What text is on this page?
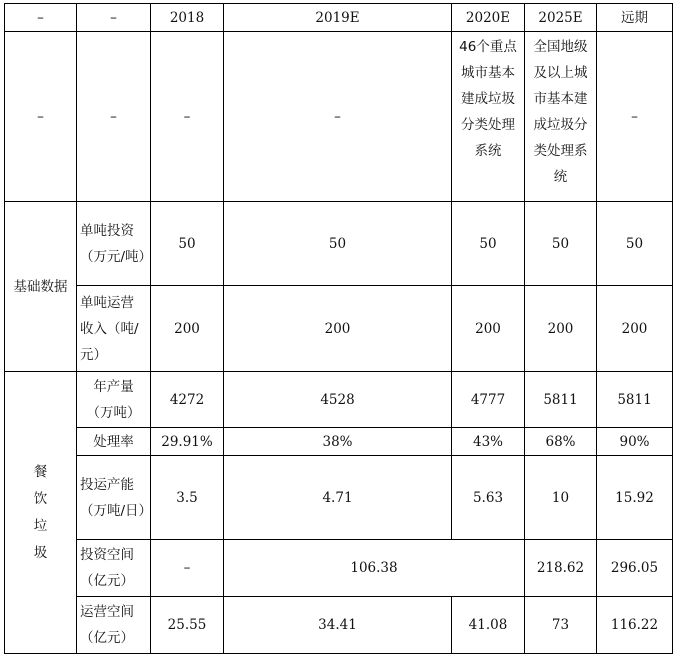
–	–	2018	2019E	2020E	2025E	远期
–	–	–	–	46个重点城市基本建成垃圾分类处理系统	全国地级及以上城市基本建成垃圾分类处理系统	–
基础数据	单吨投资（万元/吨）	50	50	50	50	50
	单吨运营收入（吨/元）	200	200	200	200	200
餐饮垃圾	年产量（万吨）	4272	4528	4777	5811	5811
	处理率	29.91%	38%	43%	68%	90%
	投运产能（万吨/日）	3.5	4.71	5.63	10	15.92
	投资空间（亿元）	–	106.38		218.62	296.05
	运营空间（亿元）	25.55	34.41	41.08	73	116.22
